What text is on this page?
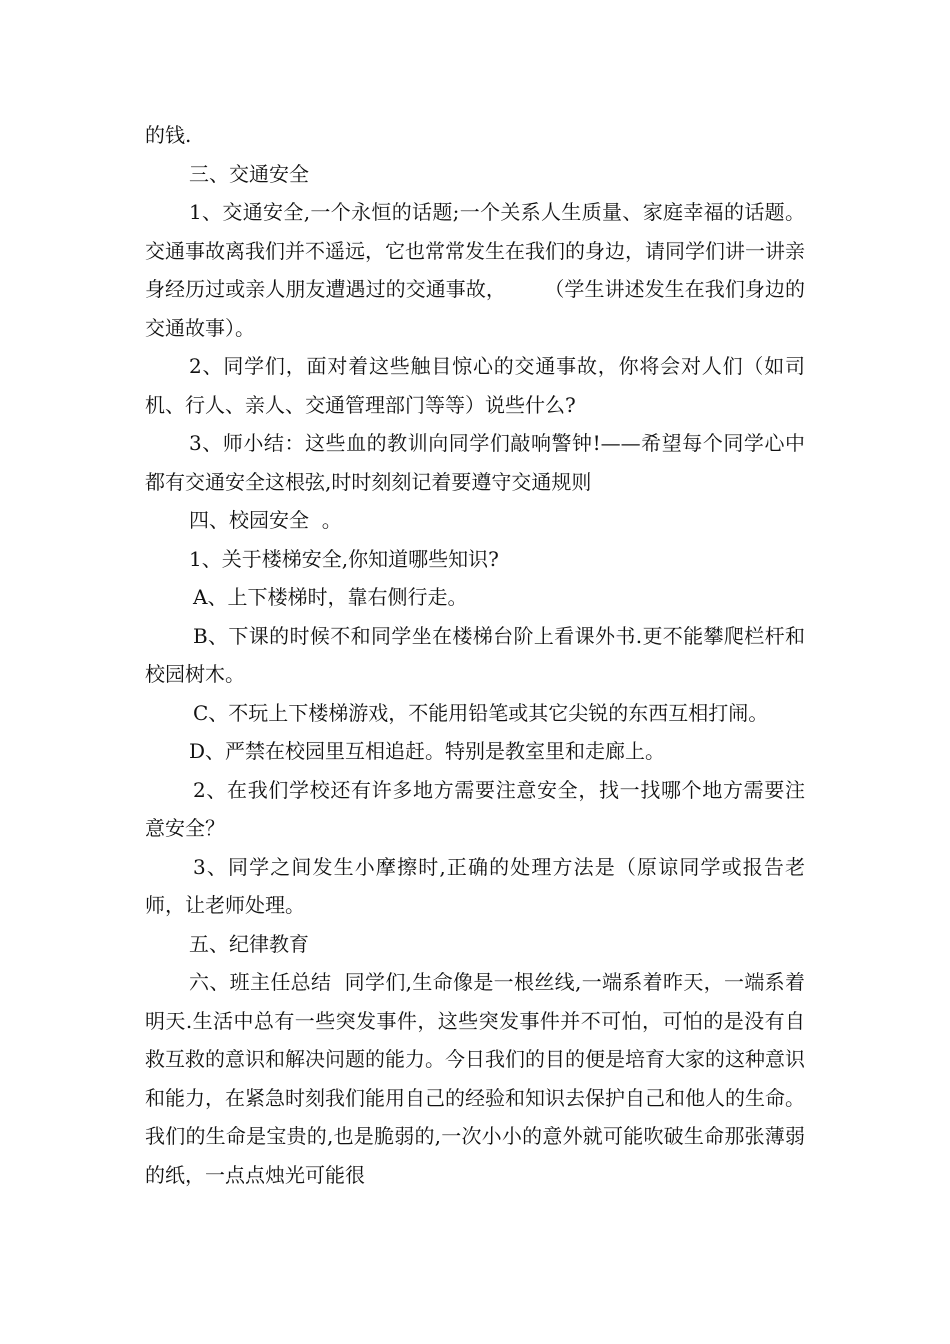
的钱.

三、交通安全

1、交通安全,一个永恒的话题;一个关系人生质量、家庭幸福的话题。 交通事故离我们并不遥远，它也常常发生在我们的身边，请同学们讲一讲亲身经历过或亲人朋友遭遇过的交通事故，      （学生讲述发生在我们身边的交通故事）。

2、同学们，面对着这些触目惊心的交通事故，你将会对人们（如司机、行人、亲人、交通管理部门等等）说些什么?

3、师小结：这些血的教训向同学们敲响警钟!——希望每个同学心中都有交通安全这根弦,时时刻刻记着要遵守交通规则

四、校园安全  。

1、关于楼梯安全,你知道哪些知识?

A、上下楼梯时，靠右侧行走。

B、下课的时候不和同学坐在楼梯台阶上看课外书.更不能攀爬栏杆和校园树木。

C、不玩上下楼梯游戏，不能用铅笔或其它尖锐的东西互相打闹。

D、严禁在校园里互相追赶。特别是教室里和走廊上。

2、在我们学校还有许多地方需要注意安全，找一找哪个地方需要注意安全？

3、同学之间发生小摩擦时,正确的处理方法是（原谅同学或报告老师，让老师处理。

五、纪律教育

六、班主任总结  同学们,生命像是一根丝线,一端系着昨天，一端系着明天.生活中总有一些突发事件，这些突发事件并不可怕，可怕的是没有自救互救的意识和解决问题的能力。今日我们的目的便是培育大家的这种意识和能力，在紧急时刻我们能用自己的经验和知识去保护自己和他人的生命。  我们的生命是宝贵的,也是脆弱的,一次小小的意外就可能吹破生命那张薄弱的纸，一点点烛光可能很
